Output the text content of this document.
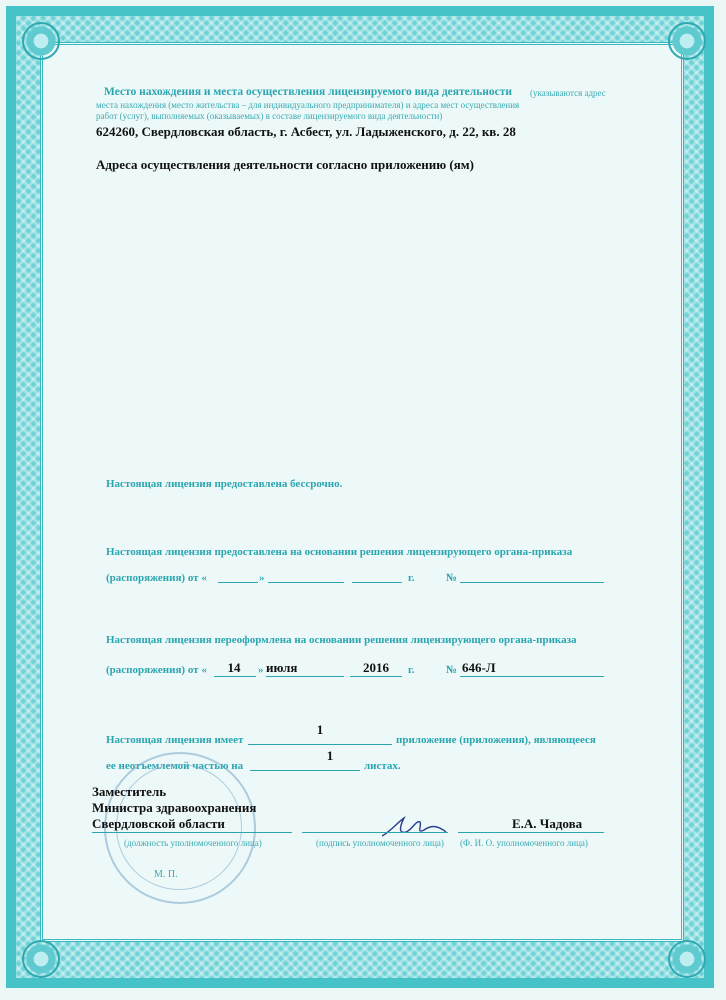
Место нахождения и места осуществления лицензируемого вида деятельности (указываются адрес
места нахождения (место жительства – для индивидуального предпринимателя) и адреса мест осуществления
работ (услуг), выполняемых (оказываемых) в составе лицензируемого вида деятельности)
624260, Свердловская область, г. Асбест, ул. Ладыженского, д. 22, кв. 28
Адреса осуществления деятельности согласно приложению (ям)
Настоящая лицензия предоставлена бессрочно.
Настоящая лицензия предоставлена на основании решения лицензирующего органа-приказа
(распоряжения) от «	»	г.	№
Настоящая лицензия переоформлена на основании решения лицензирующего органа-приказа
(распоряжения) от «	14	» июля	2016	г.	№ 646-Л
Настоящая лицензия имеет
1
приложение (приложения), являющееся
ее неотъемлемой частью на
1
листах.
Заместитель
Министра здравоохранения
Свердловской области
(должность уполномоченного лица)	(подпись уполномоченного лица)
Е.А. Чадова
(Ф. И. О. уполномоченного лица)
М. П.
